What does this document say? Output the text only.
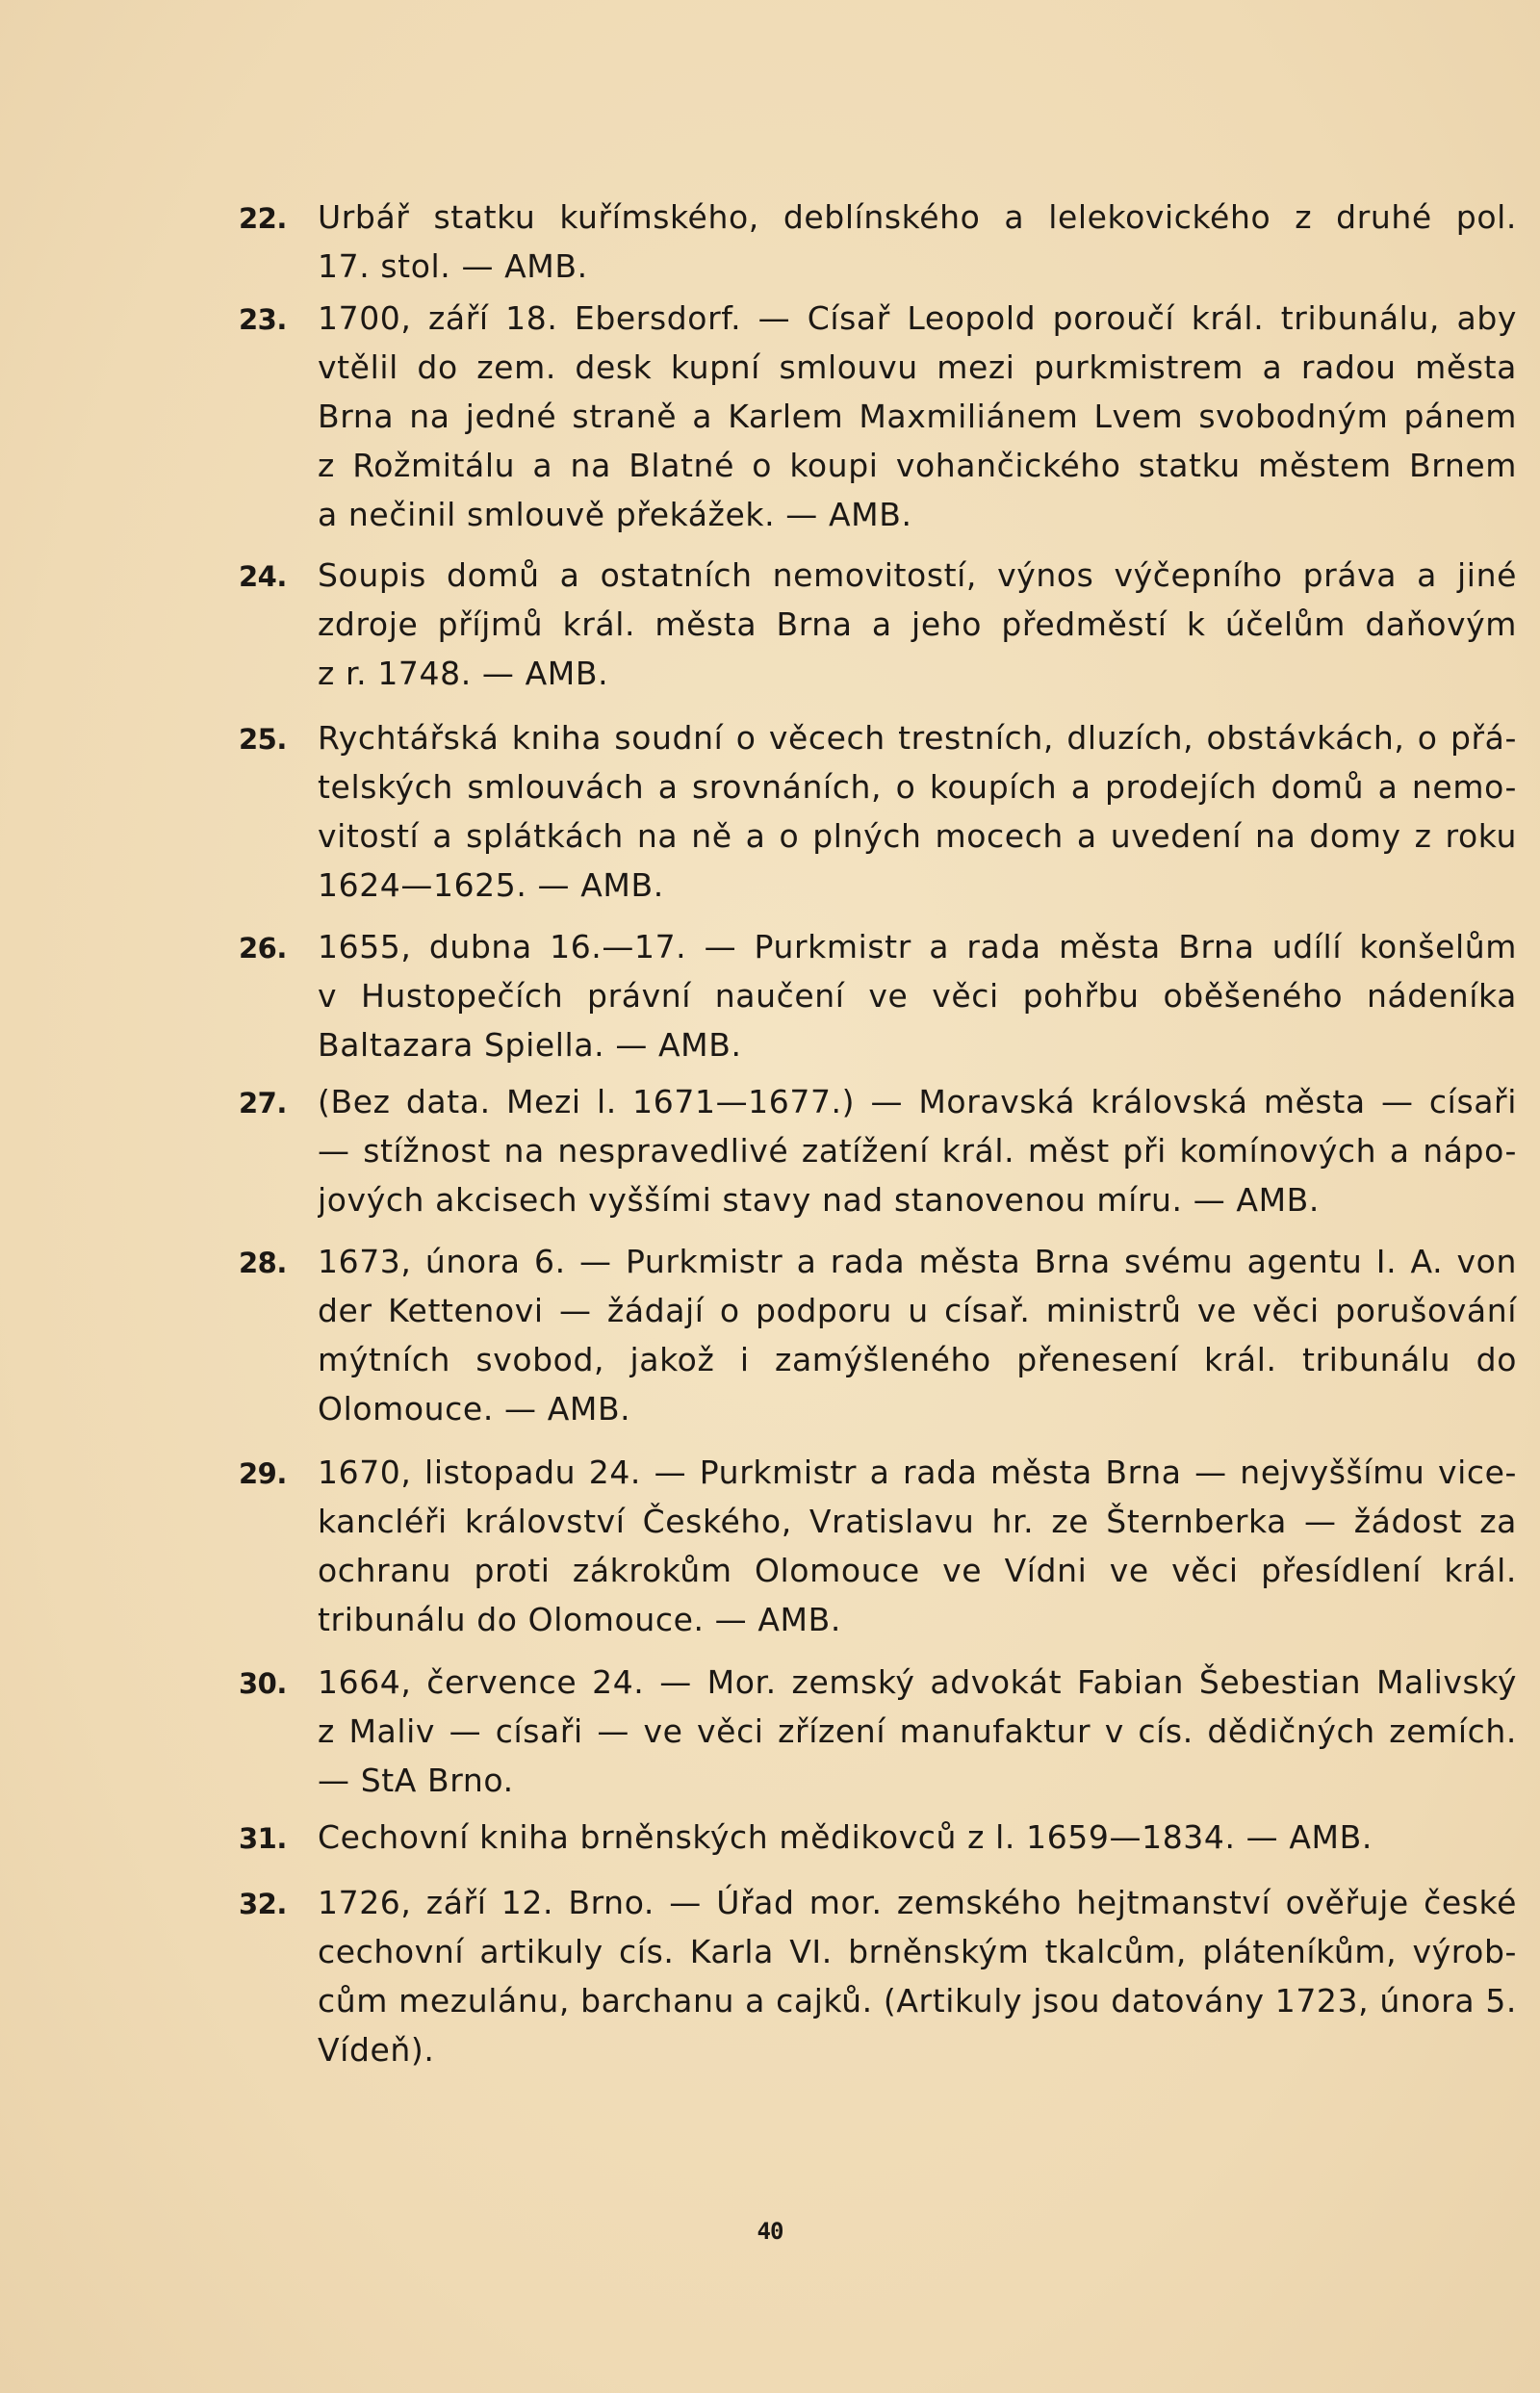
22. Urbář statku kuřímského, deblínského a lelekovického z druhé pol.
17. stol. — AMB.
23. 1700, září 18. Ebersdorf. — Císař Leopold poroučí král. tribunálu, aby
vtělil do zem. desk kupní smlouvu mezi purkmistrem a radou města
Brna na jedné straně a Karlem Maxmiliánem Lvem svobodným pánem
z Rožmitálu a na Blatné o koupi vohančického statku městem Brnem
a nečinil smlouvě překážek. — AMB.
24. Soupis domů a ostatních nemovitostí, výnos výčepního práva a jiné
zdroje příjmů král. města Brna a jeho předměstí k účelům daňovým
z r. 1748. — AMB.
25. Rychtářská kniha soudní o věcech trestních, dluzích, obstávkách, o přá-
telských smlouvách a srovnáních, o koupích a prodejích domů a nemo-
vitostí a splátkách na ně a o plných mocech a uvedení na domy z roku
1624—1625. — AMB.
26. 1655, dubna 16.—17. — Purkmistr a rada města Brna udílí konšelům
v Hustopečích právní naučení ve věci pohřbu oběšeného nádeníka
Baltazara Spiella. — AMB.
27. (Bez data. Mezi l. 1671—1677.) — Moravská královská města — císaři
— stížnost na nespravedlivé zatížení král. měst při komínových a nápo-
jových akcisech vyššími stavy nad stanovenou míru. — AMB.
28. 1673, února 6. — Purkmistr a rada města Brna svému agentu I. A. von
der Kettenovi — žádají o podporu u císař. ministrů ve věci porušování
mýtních svobod, jakož i zamýšleného přenesení král. tribunálu do
Olomouce. — AMB.
29. 1670, listopadu 24. — Purkmistr a rada města Brna — nejvyššímu vice-
kancléři království Českého, Vratislavu hr. ze Šternberka — žádost za
ochranu proti zákrokům Olomouce ve Vídni ve věci přesídlení král.
tribunálu do Olomouce. — AMB.
30. 1664, července 24. — Mor. zemský advokát Fabian Šebestian Malivský
z Maliv — císaři — ve věci zřízení manufaktur v cís. dědičných zemích.
— StA Brno.
31. Cechovní kniha brněnských mědikovců z l. 1659—1834. — AMB.
32. 1726, září 12. Brno. — Úřad mor. zemského hejtmanství ověřuje české
cechovní artikuly cís. Karla VI. brněnským tkalcům, pláteníkům, výrob-
cům mezulánu, barchanu a cajků. (Artikuly jsou datovány 1723, února 5.
Vídeň).
40
